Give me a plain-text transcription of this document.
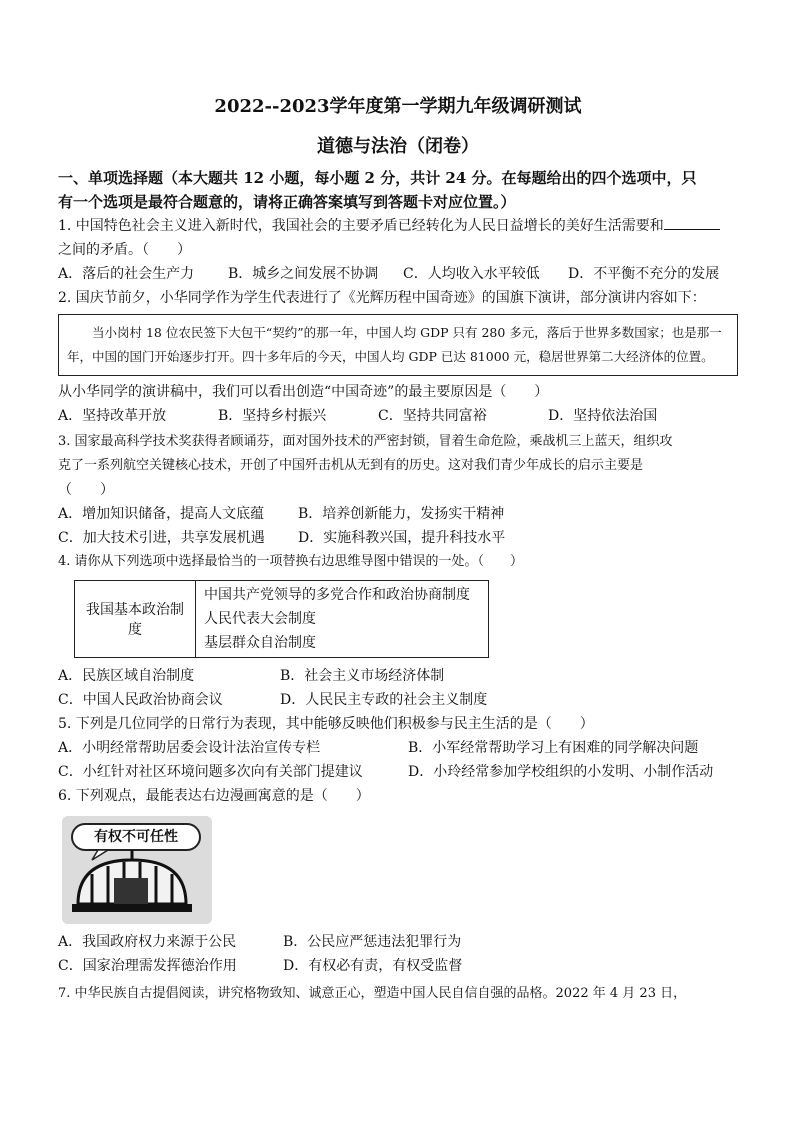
2022--2023学年度第一学期九年级调研测试
道德与法治（闭卷）
一、单项选择题（本大题共 12 小题，每小题 2 分，共计 24 分。在每题给出的四个选项中，只
有一个选项是最符合题意的，请将正确答案填写到答题卡对应位置。）
1. 中国特色社会主义进入新时代，我国社会的主要矛盾已经转化为人民日益增长的美好生活需要和
之间的矛盾。（　　）
A．落后的社会生产力	B．城乡之间发展不协调	C．人均收入水平较低	D．不平衡不充分的发展
2. 国庆节前夕，小华同学作为学生代表进行了《光辉历程中国奇迹》的国旗下演讲，部分演讲内容如下：
当小岗村 18 位农民签下大包干“契约”的那一年，中国人均 GDP 只有 280 多元，落后于世界多数国家；也是那一年，中国的国门开始逐步打开。四十多年后的今天，中国人均 GDP 已达 81000 元，稳居世界第二大经济体的位置。
从小华同学的演讲稿中，我们可以看出创造“中国奇迹”的最主要原因是（　　）
A．坚持改革开放	B．坚持乡村振兴	C．坚持共同富裕	D．坚持依法治国
3. 国家最高科学技术奖获得者顾诵芬，面对国外技术的严密封锁，冒着生命危险，乘战机三上蓝天，组织攻
克了一系列航空关键核心技术，开创了中国歼击机从无到有的历史。这对我们青少年成长的启示主要是
（　　）
A．增加知识储备，提高人文底蕴	B．培养创新能力，发扬实干精神
C．加大技术引进，共享发展机遇	D．实施科教兴国，提升科技水平
4. 请你从下列选项中选择最恰当的一项替换右边思维导图中错误的一处。（　　）
我国基本政治制度	
中国共产党领导的多党合作和政治协商制度
人民代表大会制度
基层群众自治制度
A．民族区域自治制度	B．社会主义市场经济体制
C．中国人民政治协商会议	D．人民民主专政的社会主义制度
5. 下列是几位同学的日常行为表现，其中能够反映他们积极参与民主生活的是（　　）
A．小明经常帮助居委会设计法治宣传专栏	B．小军经常帮助学习上有困难的同学解决问题
C．小红针对社区环境问题多次向有关部门提建议	D．小玲经常参加学校组织的小发明、小制作活动
6. 下列观点，最能表达右边漫画寓意的是（　　）
有权不可任性
A．我国政府权力来源于公民	B．公民应严惩违法犯罪行为
C．国家治理需发挥德治作用	D．有权必有责，有权受监督
7. 中华民族自古提倡阅读，讲究格物致知、诚意正心，塑造中国人民自信自强的品格。2022 年 4 月 23 日，
